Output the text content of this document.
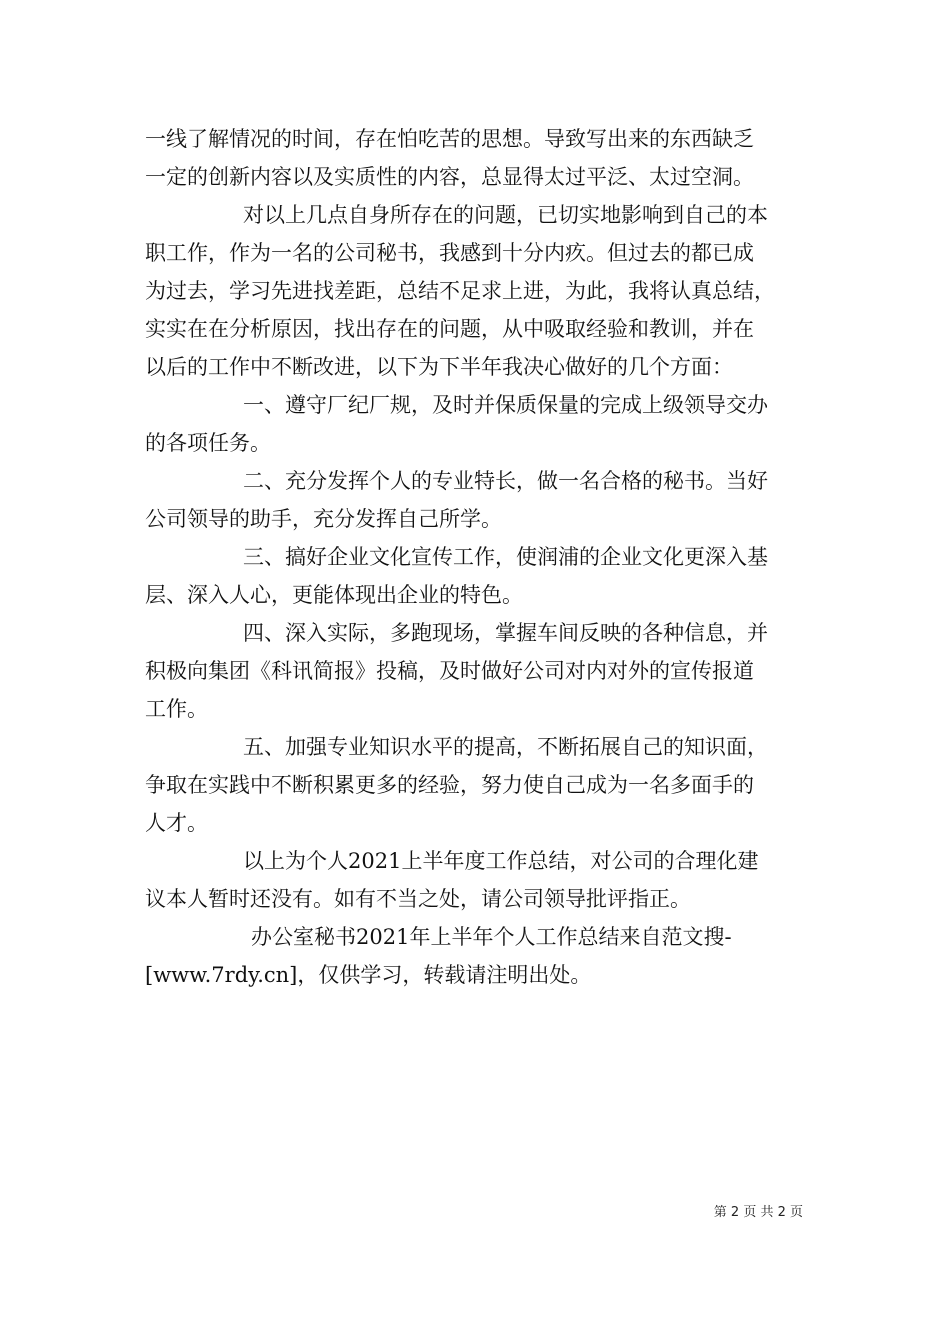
一线了解情况的时间，存在怕吃苦的思想。导致写出来的东西缺乏
一定的创新内容以及实质性的内容，总显得太过平泛、太过空洞。
对以上几点自身所存在的问题，已切实地影响到自己的本
职工作，作为一名的公司秘书，我感到十分内疚。但过去的都已成
为过去，学习先进找差距，总结不足求上进，为此，我将认真总结，
实实在在分析原因，找出存在的问题，从中吸取经验和教训，并在
以后的工作中不断改进，以下为下半年我决心做好的几个方面：
一、遵守厂纪厂规，及时并保质保量的完成上级领导交办
的各项任务。
二、充分发挥个人的专业特长，做一名合格的秘书。当好
公司领导的助手，充分发挥自己所学。
三、搞好企业文化宣传工作，使润浦的企业文化更深入基
层、深入人心，更能体现出企业的特色。
四、深入实际，多跑现场，掌握车间反映的各种信息，并
积极向集团《科讯简报》投稿，及时做好公司对内对外的宣传报道
工作。
五、加强专业知识水平的提高，不断拓展自己的知识面，
争取在实践中不断积累更多的经验，努力使自己成为一名多面手的
人才。
以上为个人2021上半年度工作总结，对公司的合理化建
议本人暂时还没有。如有不当之处，请公司领导批评指正。
办公室秘书2021年上半年个人工作总结来自范文搜-
[www.7rdy.cn]，仅供学习，转载请注明出处。
第 2 页 共 2 页
